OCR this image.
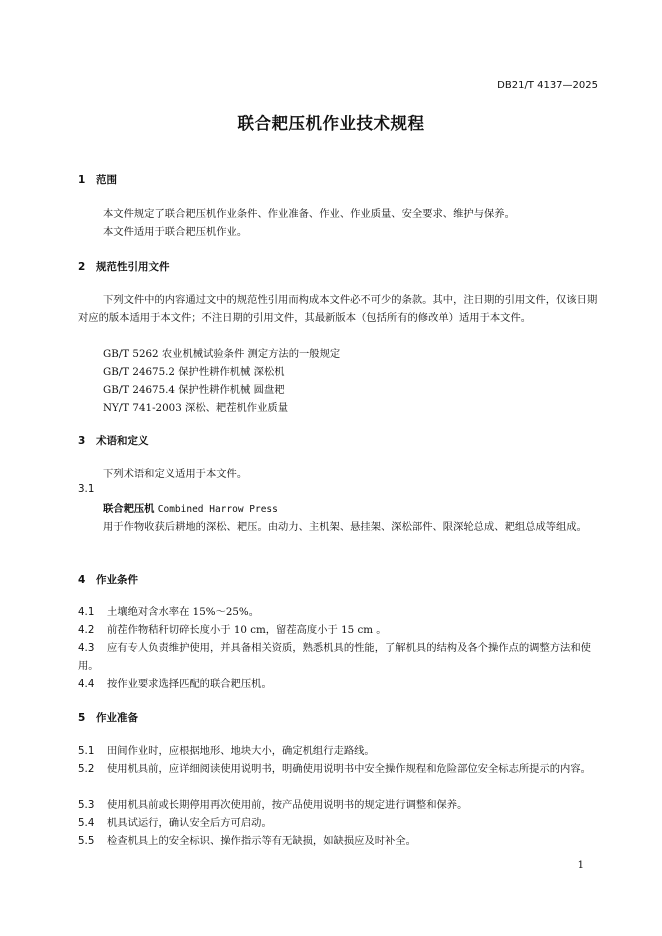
DB21/T 4137—2025
联合耙压机作业技术规程
1 范围
本文件规定了联合耙压机作业条件、作业准备、作业、作业质量、安全要求、维护与保养。
本文件适用于联合耙压机作业。
2 规范性引用文件
下列文件中的内容通过文中的规范性引用而构成本文件必不可少的条款。其中，注日期的引用文件，仅该日期对应的版本适用于本文件；不注日期的引用文件，其最新版本（包括所有的修改单）适用于本文件。
GB/T 5262 农业机械试验条件 测定方法的一般规定
GB/T 24675.2 保护性耕作机械 深松机
GB/T 24675.4 保护性耕作机械 圆盘耙
NY/T 741-2003 深松、耙茬机作业质量
3 术语和定义
下列术语和定义适用于本文件。
3.1
联合耙压机 Combined Harrow Press
用于作物收获后耕地的深松、耙压。由动力、主机架、悬挂架、深松部件、限深轮总成、耙组总成等组成。
4 作业条件
4.1 土壤绝对含水率在 15%～25%。
4.2 前茬作物秸秆切碎长度小于 10 cm，留茬高度小于 15 cm 。
4.3 应有专人负责维护使用，并具备相关资质，熟悉机具的性能，了解机具的结构及各个操作点的调整方法和使用。
4.4 按作业要求选择匹配的联合耙压机。
5 作业准备
5.1 田间作业时，应根据地形、地块大小，确定机组行走路线。
5.2 使用机具前，应详细阅读使用说明书，明确使用说明书中安全操作规程和危险部位安全标志所提示的内容。
5.3 使用机具前或长期停用再次使用前，按产品使用说明书的规定进行调整和保养。
5.4 机具试运行，确认安全后方可启动。
5.5 检查机具上的安全标识、操作指示等有无缺损，如缺损应及时补全。
1
